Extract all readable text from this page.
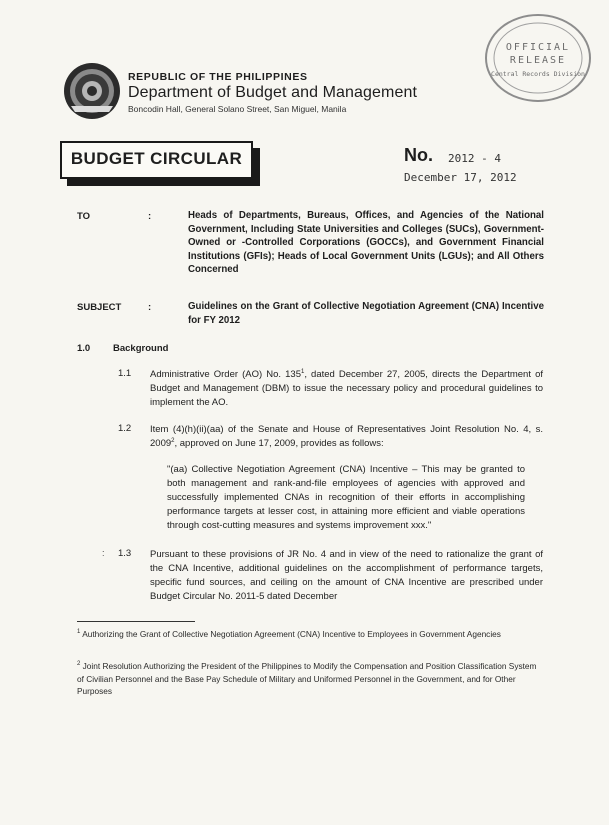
REPUBLIC OF THE PHILIPPINES
Department of Budget and Management
Boncodin Hall, General Solano Street, San Miguel, Manila
OFFICIAL
RELEASE
Central Records Division
BUDGET CIRCULAR	No. 2012 - 4
December 17, 2012
TO	:	Heads of Departments, Bureaus, Offices, and Agencies of the National Government, Including State Universities and Colleges (SUCs), Government-Owned or -Controlled Corporations (GOCCs), and Government Financial Institutions (GFIs); Heads of Local Government Units (LGUs); and All Others Concerned
SUBJECT	:	Guidelines on the Grant of Collective Negotiation Agreement (CNA) Incentive for FY 2012
1.0 Background
1.1 Administrative Order (AO) No. $135^1$, dated December 27, 2005, directs the Department of Budget and Management (DBM) to issue the necessary policy and procedural guidelines to implement the AO.
1.2 Item (4)(h)(ii)(aa) of the Senate and House of Representatives Joint Resolution No. 4, s. 2009$^2$, approved on June 17, 2009, provides as follows:
"(aa) Collective Negotiation Agreement (CNA) Incentive – This may be granted to both management and rank-and-file employees of agencies with approved and successfully implemented CNAs in recognition of their efforts in accomplishing performance targets at lesser cost, in attaining more efficient and viable operations through cost-cutting measures and systems improvement xxx."
: 1.3 Pursuant to these provisions of JR No. 4 and in view of the need to rationalize the grant of the CNA Incentive, additional guidelines on the accomplishment of performance targets, specific fund sources, and ceiling on the amount of CNA Incentive are prescribed under Budget Circular No. 2011-5 dated December
$^1$ Authorizing the Grant of Collective Negotiation Agreement (CNA) Incentive to Employees in Government Agencies
$^2$ Joint Resolution Authorizing the President of the Philippines to Modify the Compensation and Position Classification System of Civilian Personnel and the Base Pay Schedule of Military and Uniformed Personnel in the Government, and for Other Purposes
